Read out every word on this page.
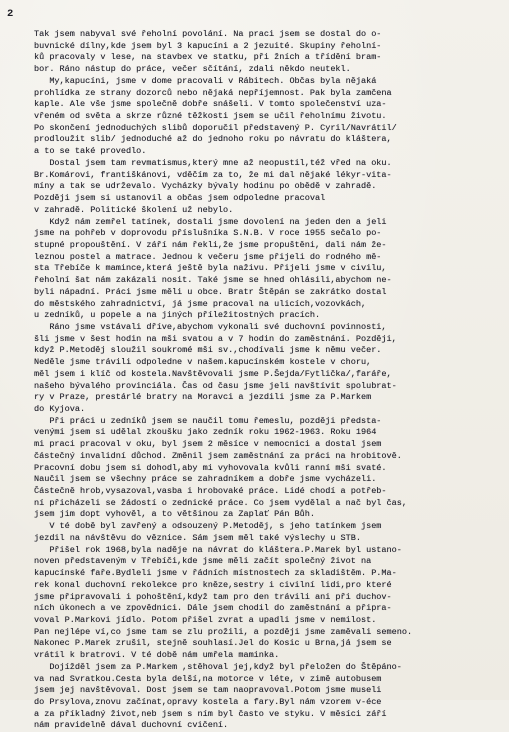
2
Tak jsem nabyval své řeholní povolání. Na praci jsem se dostal do o-
buvnické dílny,kde jsem byl 3 kapucíni a 2 jezuité. Skupiny řeholní-
ků pracovaly v lese, na stavbex ve statku, při žních a třídění bram-
bor. Ráno nástup do práce, večer sčítání, zdali někdo neutekl.
My,kapucíni, jsme v dome pracovali v Rábitech. Občas byla nějaká
prohlídka ze strany dozorců nebo nějaká nepříjemnost. Pak byla zamčena
kaple. Ale vše jsme společně dobře snášeli. V tomto společenství uza-
vřeném od světa a skrze různé těžkosti jsem se učil řeholnímu životu.
Po skončení jednoduchých slibů doporučil představený P. Cyril/Navrátil/
prodloužit slib/ jednoduché až do jednoho roku po návratu do kláštera,
a to se také provedlo.
Dostal jsem tam revmatismus,který mne až neopustil,též vřed na oku.
Br.Komárovi, františkánovi, vděčím za to, že mi dal nějaké lékyr-vita-
míny a tak se udrževalo. Vycházky bývaly hodinu po obědě v zahradě.
Později jsem si ustanovil a občas jsem odpoledne pracoval
v zahradě. Politické školení už nebylo.
Když nám zemřel tatínek, dostali jsme dovolení na jeden den a jeli
jsme na pohřeb v doprovodu příslušníka S.N.B. V roce 1955 sečalo po-
stupné propouštění. V září nám řekli,že jsme propuštěni, dali nám že-
leznou postel a matrace. Jednou k večeru jsme přijeli do rodného mě-
sta Třebíče k mamince,která ještě byla naživu. Přijeli jsme v civilu,
řeholní šat nám zakázali nosit. Také jsme se hned ohlásili,abychom ne-
byli nápadní. Práci jsme měli u obce. Bratr Štěpán se zakrátko dostal
do městského zahradnictví, já jsme pracoval na ulicích,vozovkách,
u zedníků, u popele a na jiných příležitostných pracích.
Ráno jsme vstávali dříve,abychom vykonali své duchovní povinnosti,
šli jsme v šest hodin na mši svatou a v 7 hodin do zaměstnání. Později,
když P.Metoděj sloužil soukromé mši sv.,chodívali jsme k němu večer.
Neděle jsme trávili odpoledne v našem.kapucínském kostele v choru,
měl jsem i klíč od kostela.Navštěvovali jsme P.Šejda/Fytlička/,faráře,
našeho bývalého provinciála. Čas od času jsme jeli navštívit spolubrat-
ry v Praze, prestárlé bratry na Moravci a jezdili jsme za P.Markem
do Kyjova.
Při práci u zedníků jsem se naučil tomu řemeslu, později předsta-
venými jsem si udělal zkoušku jako zedník roku 1962-1963. Roku 1964
mi praci pracoval v oku, byl jsem 2 měsíce v nemocnici a dostal jsem
částečný invalidní důchod. Změnil jsem zaměstnání za práci na hrobitově.
Pracovní dobu jsem si dohodl,aby mi vyhovovala kvůli ranní mši svaté.
Naučil jsem se všechny práce se zahradníkem a dobře jsme vycházeli.
Částečně hrob,vysazoval,vasba i hrobovaké práce. Lidé chodí a potřeb-
ní přicházeli se žádostí o zednické práce. Co jsem vydělal a nač byl čas,
jsem jim dopt vyhověl, a to většinou za Zaplať Pán Bůh.
V té době byl zavřený a odsouzený P.Metoděj, s jeho tatínkem jsem
jezdil na návštěvu do věznice. Sám jsem měl také výslechy u STB.
Přišel rok 1968,byla naděje na návrat do kláštera.P.Marek byl ustano-
noven představeným v Třebíči,kde jsme měli začít společný život na
kapucínské faře.Bydleli jsme v řádních místnostech za skladištěm. P.Ma-
rek konal duchovní rekolekce pro kněze,sestry i civilní lidi,pro které
jsme připravovali i pohoštění,když tam pro den trávili ani při duchov-
ních úkonech a ve zpovědnici. Dále jsem chodil do zaměstnání a připra-
voval P.Markovi jídlo. Potom přišel zvrat a upadli jsme v nemilost.
Pan nejlépe ví,co jsme tam se zlu prožili, a později jsme zaměvali semeno.
Nakonec P.Marek zrušil, stejně souhlasí.Jel do Kosic u Brna,já jsem se
vrátil k bratrovi. V té době nám umřela maminka.
Dojížděl jsem za P.Markem ,stěhoval jej,když byl přeložen do Štěpáno-
va nad Svratkou.Cesta byla delší,na motorce v léte, v zimě autobusem
jsem jej navštěvoval. Dost jsem se tam naopravoval.Potom jsme museli
do Prsylova,znovu začínat,opravy kostela a fary.Byl nám vzorem v-éce
a za příkladný život,neb jsem s ním byl často ve styku. V měsíci září
nám pravidelně dával duchovní cvičení.
